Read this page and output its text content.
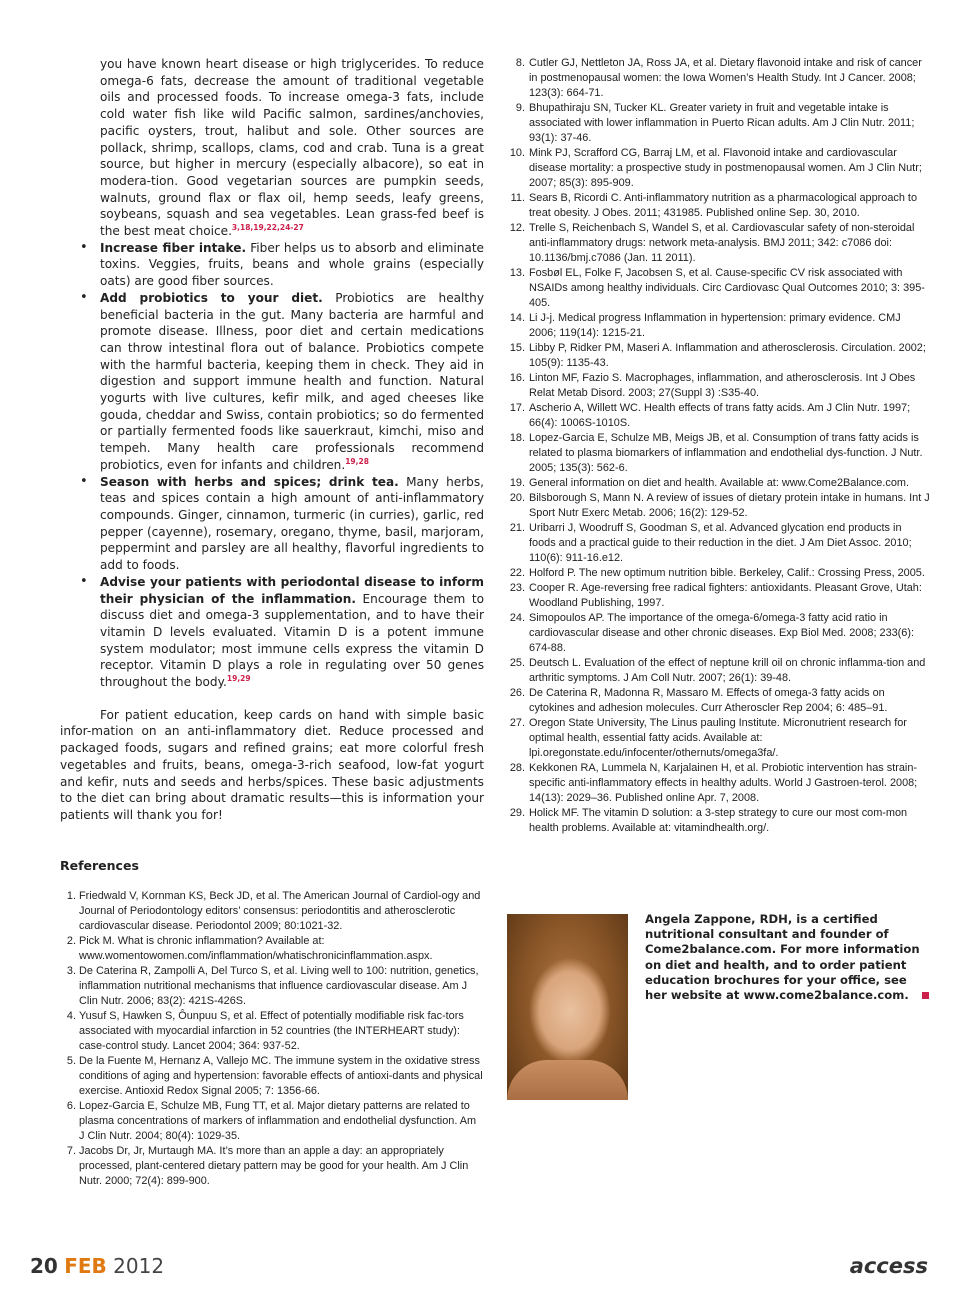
you have known heart disease or high triglycerides. To reduce omega-6 fats, decrease the amount of traditional vegetable oils and processed foods. To increase omega-3 fats, include cold water fish like wild Pacific salmon, sardines/anchovies, pacific oysters, trout, halibut and sole. Other sources are pollack, shrimp, scallops, clams, cod and crab. Tuna is a great source, but higher in mercury (especially albacore), so eat in modera-tion. Good vegetarian sources are pumpkin seeds, walnuts, ground flax or flax oil, hemp seeds, leafy greens, soybeans, squash and sea vegetables. Lean grass-fed beef is the best meat choice.$^{3,18,19,22,24-27}$

• Increase fiber intake. Fiber helps us to absorb and eliminate toxins. Veggies, fruits, beans and whole grains (especially oats) are good fiber sources.
• Add probiotics to your diet. Probiotics are healthy beneficial bacteria in the gut. Many bacteria are harmful and promote disease. Illness, poor diet and certain medications can throw intestinal flora out of balance. Probiotics compete with the harmful bacteria, keeping them in check. They aid in digestion and support immune health and function. Natural yogurts with live cultures, kefir milk, and aged cheeses like gouda, cheddar and Swiss, contain probiotics; so do fermented or partially fermented foods like sauerkraut, kimchi, miso and tempeh. Many health care professionals recommend probiotics, even for infants and children.$^{19,28}$
• Season with herbs and spices; drink tea. Many herbs, teas and spices contain a high amount of anti-inflammatory compounds. Ginger, cinnamon, turmeric (in curries), garlic, red pepper (cayenne), rosemary, oregano, thyme, basil, marjoram, peppermint and parsley are all healthy, flavorful ingredients to add to foods.
• Advise your patients with periodontal disease to inform their physician of the inflammation. Encourage them to discuss diet and omega-3 supplementation, and to have their vitamin D levels evaluated. Vitamin D is a potent immune system modulator; most immune cells express the vitamin D receptor. Vitamin D plays a role in regulating over 50 genes throughout the body.$^{19,29}$

For patient education, keep cards on hand with simple basic infor-mation on an anti-inflammatory diet. Reduce processed and packaged foods, sugars and refined grains; eat more colorful fresh vegetables and fruits, beans, omega-3-rich seafood, low-fat yogurt and kefir, nuts and seeds and herbs/spices. These basic adjustments to the diet can bring about dramatic results—this is information your patients will thank you for!

References
1. Friedwald V, Kornman KS, Beck JD, et al. The American Journal of Cardiol-ogy and Journal of Periodontology editors’ consensus: periodontitis and atherosclerotic cardiovascular disease. Periodontol 2009; 80:1021-32.
2. Pick M. What is chronic inflammation? Available at: www.womentowomen.com/inflammation/whatischronicinflammation.aspx.
3. De Caterina R, Zampolli A, Del Turco S, et al. Living well to 100: nutrition, genetics, inflammation nutritional mechanisms that influence cardiovascular disease. Am J Clin Nutr. 2006; 83(2): 421S-426S.
4. Yusuf S, Hawken S, Ôunpuu S, et al. Effect of potentially modifiable risk fac-tors associated with myocardial infarction in 52 countries (the INTERHEART study): case-control study. Lancet 2004; 364: 937-52.
5. De la Fuente M, Hernanz A, Vallejo MC. The immune system in the oxidative stress conditions of aging and hypertension: favorable effects of antioxi-dants and physical exercise. Antioxid Redox Signal 2005; 7: 1356-66.
6. Lopez-Garcia E, Schulze MB, Fung TT, et al. Major dietary patterns are related to plasma concentrations of markers of inflammation and endothelial dysfunction. Am J Clin Nutr. 2004; 80(4): 1029-35.
7. Jacobs Dr, Jr, Murtaugh MA. It’s more than an apple a day: an appropriately processed, plant-centered dietary pattern may be good for your health. Am J Clin Nutr. 2000; 72(4): 899-900.
8. Cutler GJ, Nettleton JA, Ross JA, et al. Dietary flavonoid intake and risk of cancer in postmenopausal women: the Iowa Women’s Health Study. Int J Cancer. 2008; 123(3): 664-71.
9. Bhupathiraju SN, Tucker KL. Greater variety in fruit and vegetable intake is associated with lower inflammation in Puerto Rican adults. Am J Clin Nutr. 2011; 93(1): 37-46.
10. Mink PJ, Scrafford CG, Barraj LM, et al. Flavonoid intake and cardiovascular disease mortality: a prospective study in postmenopausal women. Am J Clin Nutr; 2007; 85(3): 895-909.
11. Sears B, Ricordi C. Anti-inflammatory nutrition as a pharmacological approach to treat obesity. J Obes. 2011; 431985. Published online Sep. 30, 2010.
12. Trelle S, Reichenbach S, Wandel S, et al. Cardiovascular safety of non-steroidal anti-inflammatory drugs: network meta-analysis. BMJ 2011; 342: c7086 doi: 10.1136/bmj.c7086 (Jan. 11 2011).
13. Fosbøl EL, Folke F, Jacobsen S, et al. Cause-specific CV risk associated with NSAIDs among healthy individuals. Circ Cardiovasc Qual Outcomes 2010; 3: 395-405.
14. Li J-j. Medical progress Inflammation in hypertension: primary evidence. CMJ 2006; 119(14): 1215-21.
15. Libby P, Ridker PM, Maseri A. Inflammation and atherosclerosis. Circulation. 2002; 105(9): 1135-43.
16. Linton MF, Fazio S. Macrophages, inflammation, and atherosclerosis. Int J Obes Relat Metab Disord. 2003; 27(Suppl 3) :S35-40.
17. Ascherio A, Willett WC. Health effects of trans fatty acids. Am J Clin Nutr. 1997; 66(4): 1006S-1010S.
18. Lopez-Garcia E, Schulze MB, Meigs JB, et al. Consumption of trans fatty acids is related to plasma biomarkers of inflammation and endothelial dys-function. J Nutr. 2005; 135(3): 562-6.
19. General information on diet and health. Available at: www.Come2Balance.com.
20. Bilsborough S, Mann N. A review of issues of dietary protein intake in humans. Int J Sport Nutr Exerc Metab. 2006; 16(2): 129-52.
21. Uribarri J, Woodruff S, Goodman S, et al. Advanced glycation end products in foods and a practical guide to their reduction in the diet. J Am Diet Assoc. 2010; 110(6): 911-16.e12.
22. Holford P. The new optimum nutrition bible. Berkeley, Calif.: Crossing Press, 2005.
23. Cooper R. Age-reversing free radical fighters: antioxidants. Pleasant Grove, Utah: Woodland Publishing, 1997.
24. Simopoulos AP. The importance of the omega-6/omega-3 fatty acid ratio in cardiovascular disease and other chronic diseases. Exp Biol Med. 2008; 233(6): 674-88.
25. Deutsch L. Evaluation of the effect of neptune krill oil on chronic inflamma-tion and arthritic symptoms. J Am Coll Nutr. 2007; 26(1): 39-48.
26. De Caterina R, Madonna R, Massaro M. Effects of omega-3 fatty acids on cytokines and adhesion molecules. Curr Atheroscler Rep 2004; 6: 485–91.
27. Oregon State University, The Linus pauling Institute. Micronutrient research for optimal health, essential fatty acids. Available at: lpi.oregonstate.edu/infocenter/othernuts/omega3fa/.
28. Kekkonen RA, Lummela N, Karjalainen H, et al. Probiotic intervention has strain-specific anti-inflammatory effects in healthy adults. World J Gastroen-terol. 2008; 14(13): 2029–36. Published online Apr. 7, 2008.
29. Holick MF. The vitamin D solution: a 3-step strategy to cure our most com-mon health problems. Available at: vitamindhealth.org/.
Angela Zappone, RDH, is a certified nutritional consultant and founder of Come2balance.com. For more information on diet and health, and to order patient education brochures for your office, see her website at www.come2balance.com.
20 FEB 2012	access
